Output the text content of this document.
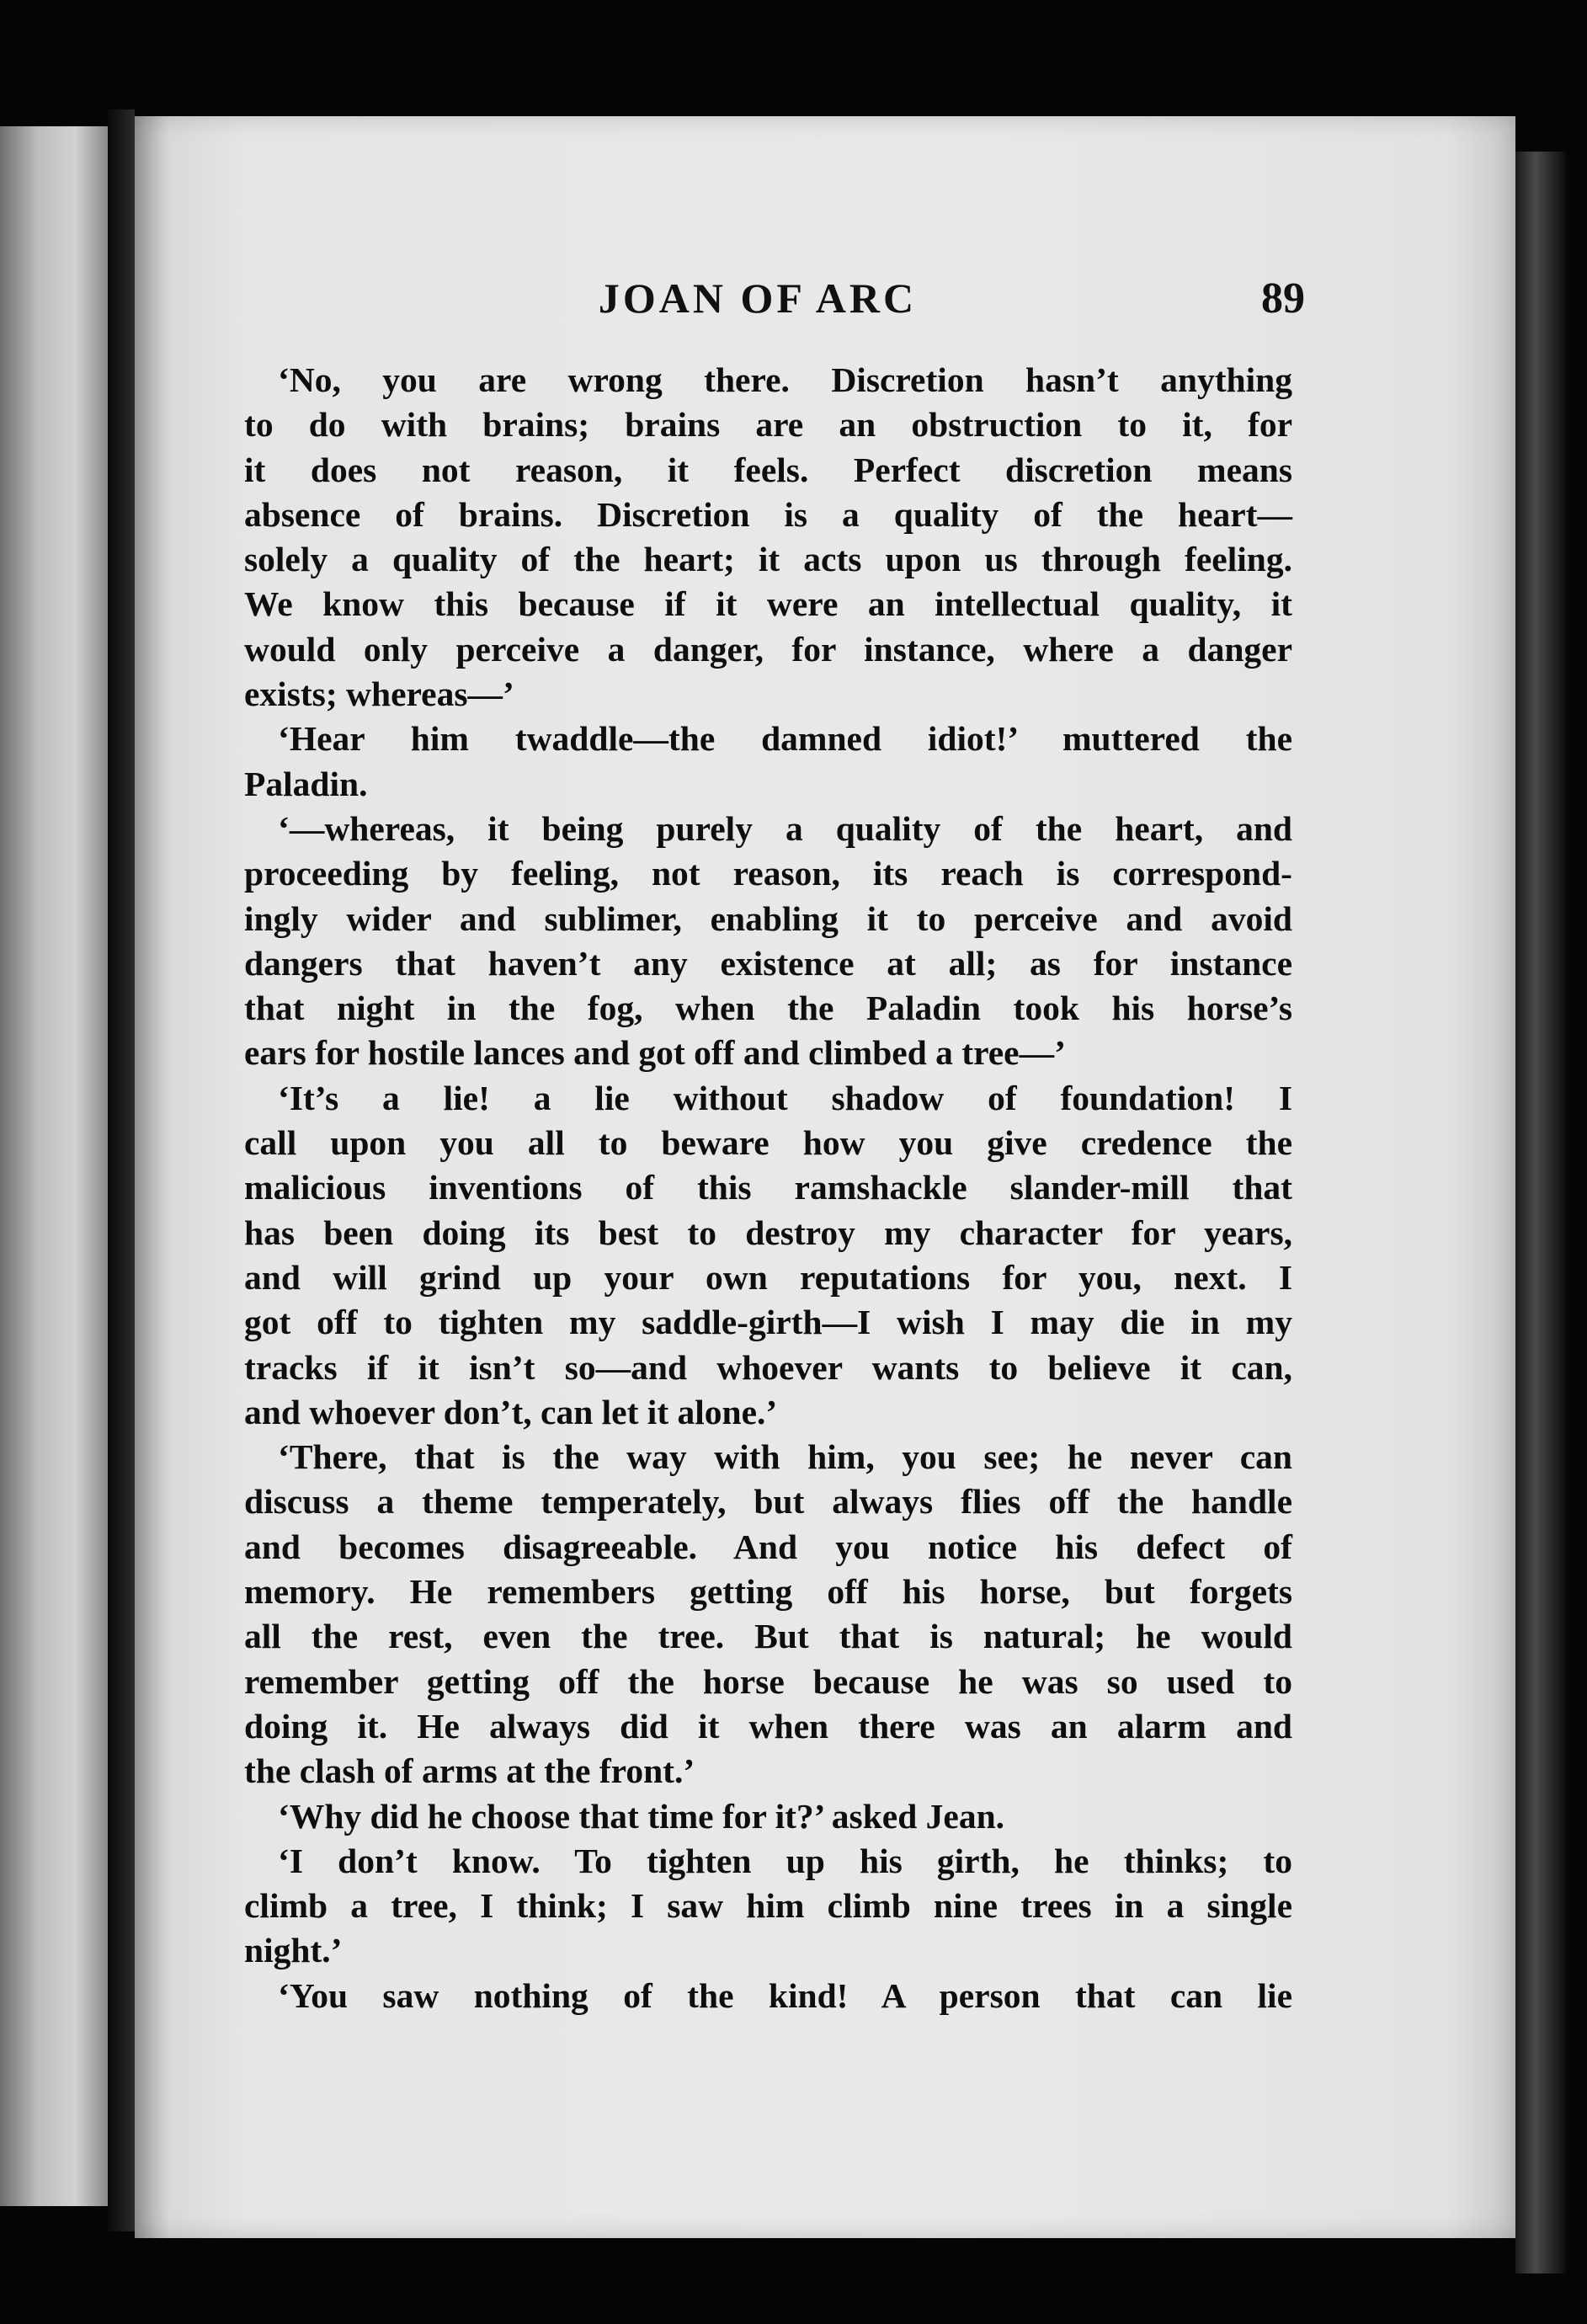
JOAN OF ARC	89
‘No, you are wrong there. Discretion hasn’t anything
to do with brains; brains are an obstruction to it, for
it does not reason, it feels. Perfect discretion means
absence of brains. Discretion is a quality of the heart—
solely a quality of the heart; it acts upon us through feeling.
We know this because if it were an intellectual quality, it
would only perceive a danger, for instance, where a danger
exists; whereas—’
‘Hear him twaddle—the damned idiot!’ muttered the
Paladin.
‘—whereas, it being purely a quality of the heart, and
proceeding by feeling, not reason, its reach is correspond-
ingly wider and sublimer, enabling it to perceive and avoid
dangers that haven’t any existence at all; as for instance
that night in the fog, when the Paladin took his horse’s
ears for hostile lances and got off and climbed a tree—’
‘It’s a lie! a lie without shadow of foundation! I
call upon you all to beware how you give credence the
malicious inventions of this ramshackle slander-mill that
has been doing its best to destroy my character for years,
and will grind up your own reputations for you, next. I
got off to tighten my saddle-girth—I wish I may die in my
tracks if it isn’t so—and whoever wants to believe it can,
and whoever don’t, can let it alone.’
‘There, that is the way with him, you see; he never can
discuss a theme temperately, but always flies off the handle
and becomes disagreeable. And you notice his defect of
memory. He remembers getting off his horse, but forgets
all the rest, even the tree. But that is natural; he would
remember getting off the horse because he was so used to
doing it. He always did it when there was an alarm and
the clash of arms at the front.’
‘Why did he choose that time for it?’ asked Jean.
‘I don’t know. To tighten up his girth, he thinks; to
climb a tree, I think; I saw him climb nine trees in a single
night.’
‘You saw nothing of the kind! A person that can lie
